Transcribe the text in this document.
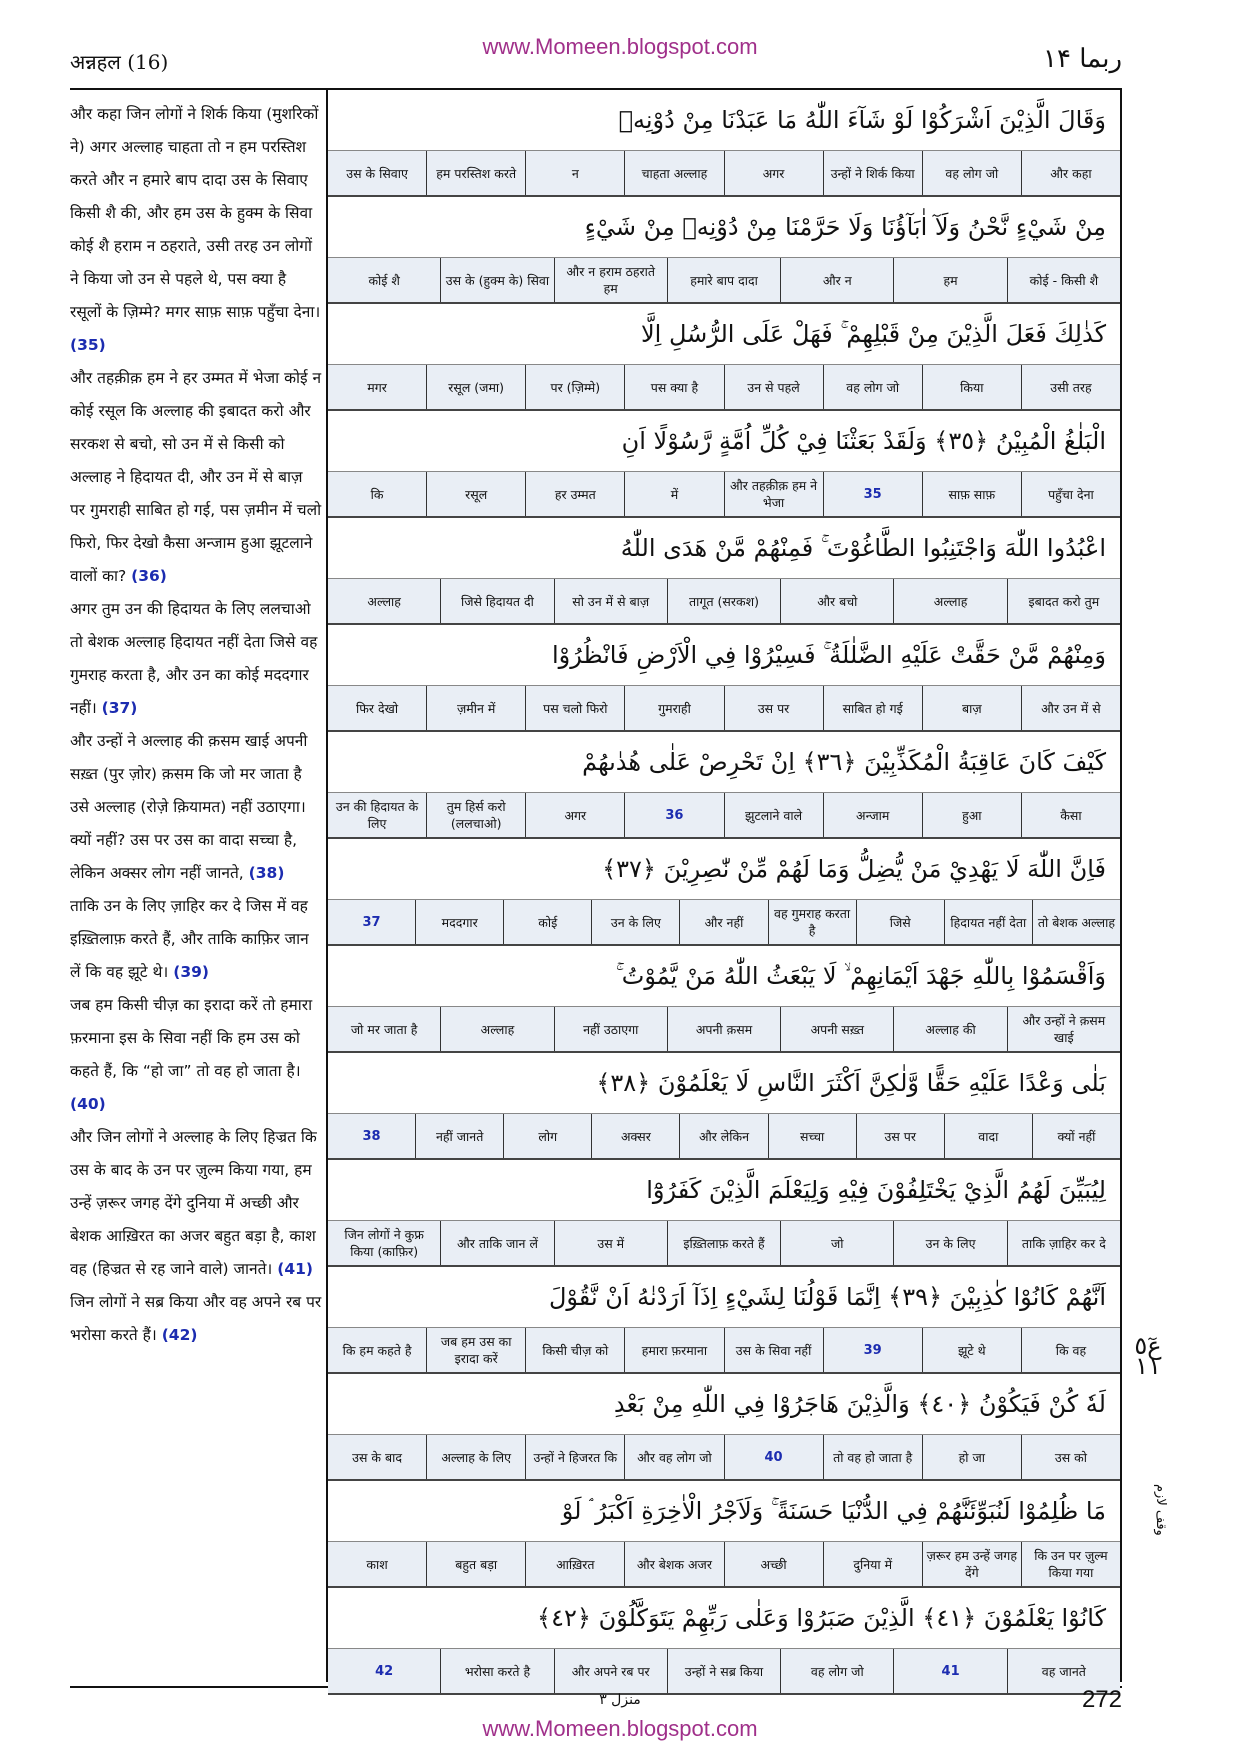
अन्नहल (16)
www.Momeen.blogspot.com	ربما ۱۴
और कहा जिन लोगों ने शिर्क किया (मुशरिकों ने) अगर अल्लाह चाहता तो न हम परस्तिश करते और न हमारे बाप दादा उस के सिवाए किसी शै की, और हम उस के हुक्म के सिवा कोई शै हराम न ठहराते, उसी तरह उन लोगों ने किया जो उन से पहले थे, पस क्या है रसूलों के ज़िम्मे? मगर साफ़ साफ़ पहुँचा देना। (35)
और तहक़ीक़ हम ने हर उम्मत में भेजा कोई न कोई रसूल कि अल्लाह की इबादत करो और सरकश से बचो, सो उन में से किसी को अल्लाह ने हिदायत दी, और उन में से बाज़ पर गुमराही साबित हो गई, पस ज़मीन में चलो फिरो, फिर देखो कैसा अन्जाम हुआ झूटलाने वालों का? (36)
अगर तुम उन की हिदायत के लिए ललचाओ तो बेशक अल्लाह हिदायत नहीं देता जिसे वह गुमराह करता है, और उन का कोई मददगार नहीं। (37)
और उन्हों ने अल्लाह की क़सम खाई अपनी सख़्त (पुर ज़ोर) क़सम कि जो मर जाता है उसे अल्लाह (रोज़े क़ियामत) नहीं उठाएगा। क्यों नहीं? उस पर उस का वादा सच्चा है, लेकिन अक्सर लोग नहीं जानते, (38)
ताकि उन के लिए ज़ाहिर कर दे जिस में वह इख़्तिलाफ़ करते हैं, और ताकि काफ़िर जान लें कि वह झूटे थे। (39)
जब हम किसी चीज़ का इरादा करें तो हमारा फ़रमाना इस के सिवा नहीं कि हम उस को कहते हैं, कि “हो जा” तो वह हो जाता है। (40)
और जिन लोगों ने अल्लाह के लिए हिज्रत कि उस के बाद के उन पर ज़ुल्म किया गया, हम उन्हें ज़रूर जगह देंगे दुनिया में अच्छी और बेशक आख़िरत का अजर बहुत बड़ा है, काश वह (हिज्रत से रह जाने वाले) जानते। (41)
जिन लोगों ने सब्र किया और वह अपने रब पर भरोसा करते हैं। (42)

وَقَالَ الَّذِيْنَ اَشْرَكُوْا لَوْ شَآءَ اللّٰهُ مَا عَبَدْنَا مِنْ دُوْنِهٖ
और कहा
वह लोग जो
उन्हों ने शिर्क किया
अगर
चाहता अल्लाह
न
हम परस्तिश करते
उस के सिवाए
مِنْ شَيْءٍ نَّحْنُ وَلَآ اٰبَآؤُنَا وَلَا حَرَّمْنَا مِنْ دُوْنِهٖ مِنْ شَيْءٍ
कोई - किसी शै
हम
और न
हमारे बाप दादा
और न हराम ठहराते हम
उस के (हुक्म के) सिवा
कोई शै
كَذٰلِكَ فَعَلَ الَّذِيْنَ مِنْ قَبْلِهِمْ ۚ فَهَلْ عَلَى الرُّسُلِ اِلَّا
उसी तरह
किया
वह लोग जो
उन से पहले
पस क्या है
पर (ज़िम्मे)
रसूल (जमा)
मगर
الْبَلٰغُ الْمُبِيْنُ ﴿٣٥﴾ وَلَقَدْ بَعَثْنَا فِيْ كُلِّ اُمَّةٍ رَّسُوْلًا اَنِ
पहुँचा देना
साफ़ साफ़
35
और तहक़ीक़ हम ने भेजा
में
हर उम्मत
रसूल
कि
اعْبُدُوا اللّٰهَ وَاجْتَنِبُوا الطَّاغُوْتَ ۚ فَمِنْهُمْ مَّنْ هَدَى اللّٰهُ
इबादत करो तुम
अल्लाह
और बचो
तागूत (सरकश)
सो उन में से बाज़
जिसे हिदायत दी
अल्लाह
وَمِنْهُمْ مَّنْ حَقَّتْ عَلَيْهِ الضَّلٰلَةُ ۚ فَسِيْرُوْا فِي الْاَرْضِ فَانْظُرُوْا
और उन में से
बाज़
साबित हो गई
उस पर
गुमराही
पस चलो फिरो
ज़मीन में
फिर देखो
كَيْفَ كَانَ عَاقِبَةُ الْمُكَذِّبِيْنَ ﴿٣٦﴾ اِنْ تَحْرِصْ عَلٰى هُدٰىهُمْ
कैसा
हुआ
अन्जाम
झुटलाने वाले
36
अगर
तुम हिर्स करो (ललचाओ)
उन की हिदायत के लिए
فَاِنَّ اللّٰهَ لَا يَهْدِيْ مَنْ يُّضِلُّ وَمَا لَهُمْ مِّنْ نّٰصِرِيْنَ ﴿٣٧﴾
तो बेशक अल्लाह
हिदायत नहीं देता
जिसे
वह गुमराह करता है
और नहीं
उन के लिए
कोई
मददगार
37
وَاَقْسَمُوْا بِاللّٰهِ جَهْدَ اَيْمَانِهِمْ ۙ لَا يَبْعَثُ اللّٰهُ مَنْ يَّمُوْتُ ۚ
और उन्हों ने क़सम खाई
अल्लाह की
अपनी सख़्त
अपनी क़सम
नहीं उठाएगा
अल्लाह
जो मर जाता है
بَلٰى وَعْدًا عَلَيْهِ حَقًّا وَّلٰكِنَّ اَكْثَرَ النَّاسِ لَا يَعْلَمُوْنَ ﴿٣٨﴾
क्यों नहीं
वादा
उस पर
सच्चा
और लेकिन
अक्सर
लोग
नहीं जानते
38
لِيُبَيِّنَ لَهُمُ الَّذِيْ يَخْتَلِفُوْنَ فِيْهِ وَلِيَعْلَمَ الَّذِيْنَ كَفَرُوْٓا
ताकि ज़ाहिर कर दे
उन के लिए
जो
इख़्तिलाफ़ करते हैं
उस में
और ताकि जान लें
जिन लोगों ने कुफ्र किया (काफ़िर)
اَنَّهُمْ كَانُوْا كٰذِبِيْنَ ﴿٣٩﴾ اِنَّمَا قَوْلُنَا لِشَيْءٍ اِذَآ اَرَدْنٰهُ اَنْ نَّقُوْلَ
कि वह
झूटे थे
39
उस के सिवा नहीं
हमारा फ़रमाना
किसी चीज़ को
जब हम उस का इरादा करें
कि हम कहते है
لَهٗ كُنْ فَيَكُوْنُ ﴿٤٠﴾ وَالَّذِيْنَ هَاجَرُوْا فِي اللّٰهِ مِنْ بَعْدِ
उस को
हो जा
तो वह हो जाता है
40
और वह लोग जो
उन्हों ने हिजरत कि
अल्लाह के लिए
उस के बाद
مَا ظُلِمُوْا لَنُبَوِّئَنَّهُمْ فِي الدُّنْيَا حَسَنَةً ۚ وَلَاَجْرُ الْاٰخِرَةِ اَكْبَرُ ۘ لَوْ
कि उन पर ज़ुल्म किया गया
ज़रूर हम उन्हें जगह देंगे
दुनिया में
अच्छी
और बेशक अजर
आख़िरत
बहुत बड़ा
काश
كَانُوْا يَعْلَمُوْنَ ﴿٤١﴾ الَّذِيْنَ صَبَرُوْا وَعَلٰى رَبِّهِمْ يَتَوَكَّلُوْنَ ﴿٤٢﴾
वह जानते
41
वह लोग जो
उन्हों ने सब्र किया
और अपने रब पर
भरोसा करते है
42
عٓ٥ ١١
وقف لازم
منزل ٣	272
www.Momeen.blogspot.com
